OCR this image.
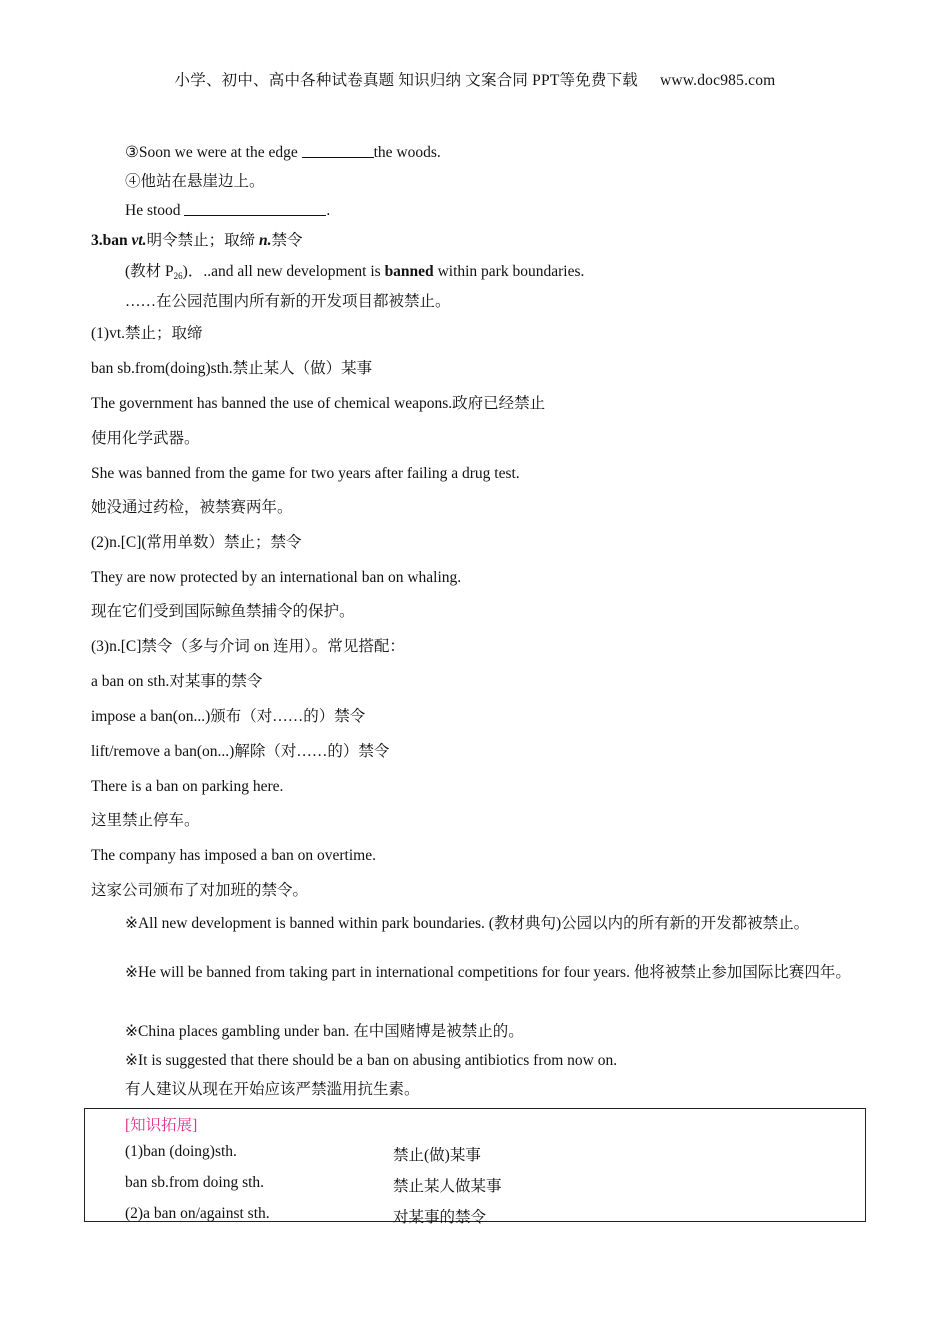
小学、初中、高中各种试卷真题 知识归纳 文案合同 PPT等免费下载 www.doc985.com
③Soon we were at the edge	the woods.
④他站在悬崖边上。
He stood	.
3.ban vt.明令禁止；取缔 n.禁令
(教材 $P_{26}$)．..and all new development is banned within park boundaries.
……在公园范围内所有新的开发项目都被禁止。
(1)vt.禁止；取缔
ban sb.from(doing)sth.禁止某人（做）某事
The government has banned the use of chemical weapons.政府已经禁止
使用化学武器。
She was banned from the game for two years after failing a drug test.
她没通过药检，被禁赛两年。
(2)n.[C](常用单数）禁止；禁令
They are now protected by an international ban on whaling.
现在它们受到国际鲸鱼禁捕令的保护。
(3)n.[C]禁令（多与介词 on 连用）。常见搭配：
a ban on sth.对某事的禁令
impose a ban(on...)颁布（对……的）禁令
lift/remove a ban(on...)解除（对……的）禁令
There is a ban on parking here.
这里禁止停车。
The company has imposed a ban on overtime.
这家公司颁布了对加班的禁令。
※All new development is banned within park boundaries. (教材典句)公园以内的所有新的开发都被禁止。
※He will be banned from taking part in international competitions for four years. 他将被禁止参加国际比赛四年。
※China places gambling under ban. 在中国赌博是被禁止的。
※It is suggested that there should be a ban on abusing antibiotics from now on.
有人建议从现在开始应该严禁滥用抗生素。
[知识拓展]
(1)ban (doing)sth.	禁止(做)某事
ban sb.from doing sth.	禁止某人做某事
(2)a ban on/against sth.	对某事的禁令
